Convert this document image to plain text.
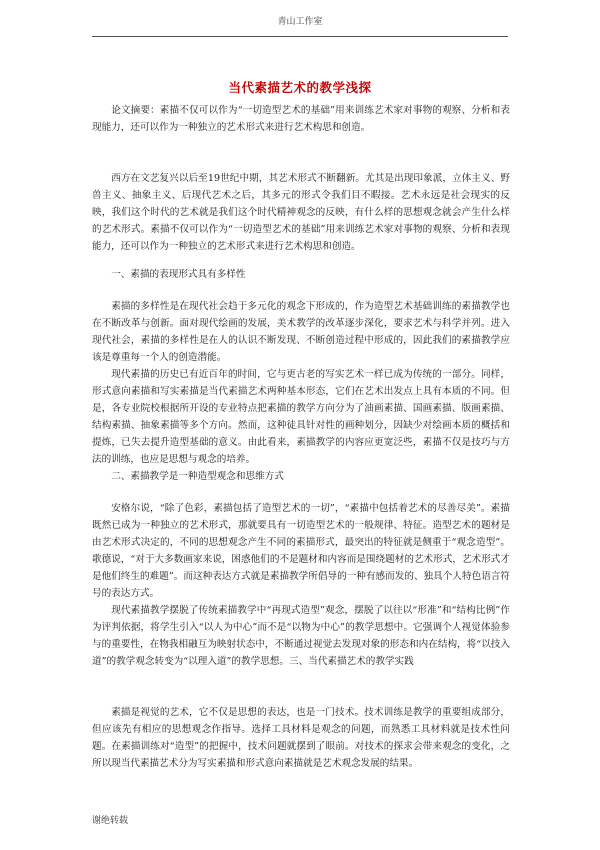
青山工作室
当代素描艺术的教学浅探

论文摘要：素描不仅可以作为“一切造型艺术的基础”用来训练艺术家对事物的观察、分析和表现能力，还可以作为一种独立的艺术形式来进行艺术构思和创造。

西方在文艺复兴以后至19世纪中期，其艺术形式不断翻新。尤其是出现印象派，立体主义、野兽主义、抽象主义、后现代艺术之后，其多元的形式令我们目不暇接。艺术永远是社会现实的反映，我们这个时代的艺术就是我们这个时代精神观念的反映，有什么样的思想观念就会产生什么样的艺术形式。素描不仅可以作为“一切造型艺术的基础”用来训练艺术家对事物的观察、分析和表现能力，还可以作为一种独立的艺术形式来进行艺术构思和创造。

一、素描的表现形式具有多样性

素描的多样性是在现代社会趋于多元化的观念下形成的，作为造型艺术基础训练的素描教学也在不断改革与创新。面对现代绘画的发展，美术教学的改革逐步深化，要求艺术与科学并列。进入现代社会，素描的多样性是在人的认识不断发现、不断创造过程中形成的，因此我们的素描教学应该是尊重每一个人的创造潜能。

现代素描的历史已有近百年的时间，它与更古老的写实艺术一样已成为传统的一部分。同样，形式意向素描和写实素描是当代素描艺术两种基本形态，它们在艺术出发点上具有本质的不同。但是，各专业院校根据所开设的专业特点把素描的教学方向分为了油画素描、国画素描、版画素描、结构素描、抽象素描等多个方向。然而，这种徒具针对性的画种划分，因缺少对绘画本质的概括和提炼，已失去提升造型基础的意义。由此看来，素描教学的内容应更宽泛些，素描不仅是技巧与方法的训练，也应是思想与观念的培养。

二、素描教学是一种造型观念和思维方式

安格尔说，“除了色彩，素描包括了造型艺术的一切”，“素描中包括着艺术的尽善尽美”。素描既然已成为一种独立的艺术形式，那就要具有一切造型艺术的一般规律、特征。造型艺术的题材是由艺术形式决定的，不同的思想观念产生不同的素描形式，最突出的特征就是侧重于“观念造型”。歌德说，“对于大多数画家来说，困惑他们的不是题材和内容而是围绕题材的艺术形式，艺术形式才是他们终生的难题”。而这种表达方式就是素描教学所倡导的一种有感而发的、独具个人特色语言符号的表达方式。

现代素描教学摆脱了传统素描教学中“再现式造型”观念，摆脱了以往以“形准”和“结构比例”作为评判依据，将学生引入“以人为中心”而不是“以物为中心”的教学思想中。它强调个人视觉体验参与的重要性，在物我相融互为映射状态中，不断通过视觉去发现对象的形态和内在结构，将“以技入道”的教学观念转变为“以理入道”的教学思想。三、当代素描艺术的教学实践

素描是视觉的艺术，它不仅是思想的表达，也是一门技术。技术训练是教学的重要组成部分，但应该先有相应的思想观念作指导。选择工具材料是观念的问题，而熟悉工具材料就是技术性问题。在素描训练对“造型”的把握中，技术问题就摆到了眼前。对技术的探求会带来观念的变化，之所以现当代素描艺术分为写实素描和形式意向素描就是艺术观念发展的结果。

谢绝转载
